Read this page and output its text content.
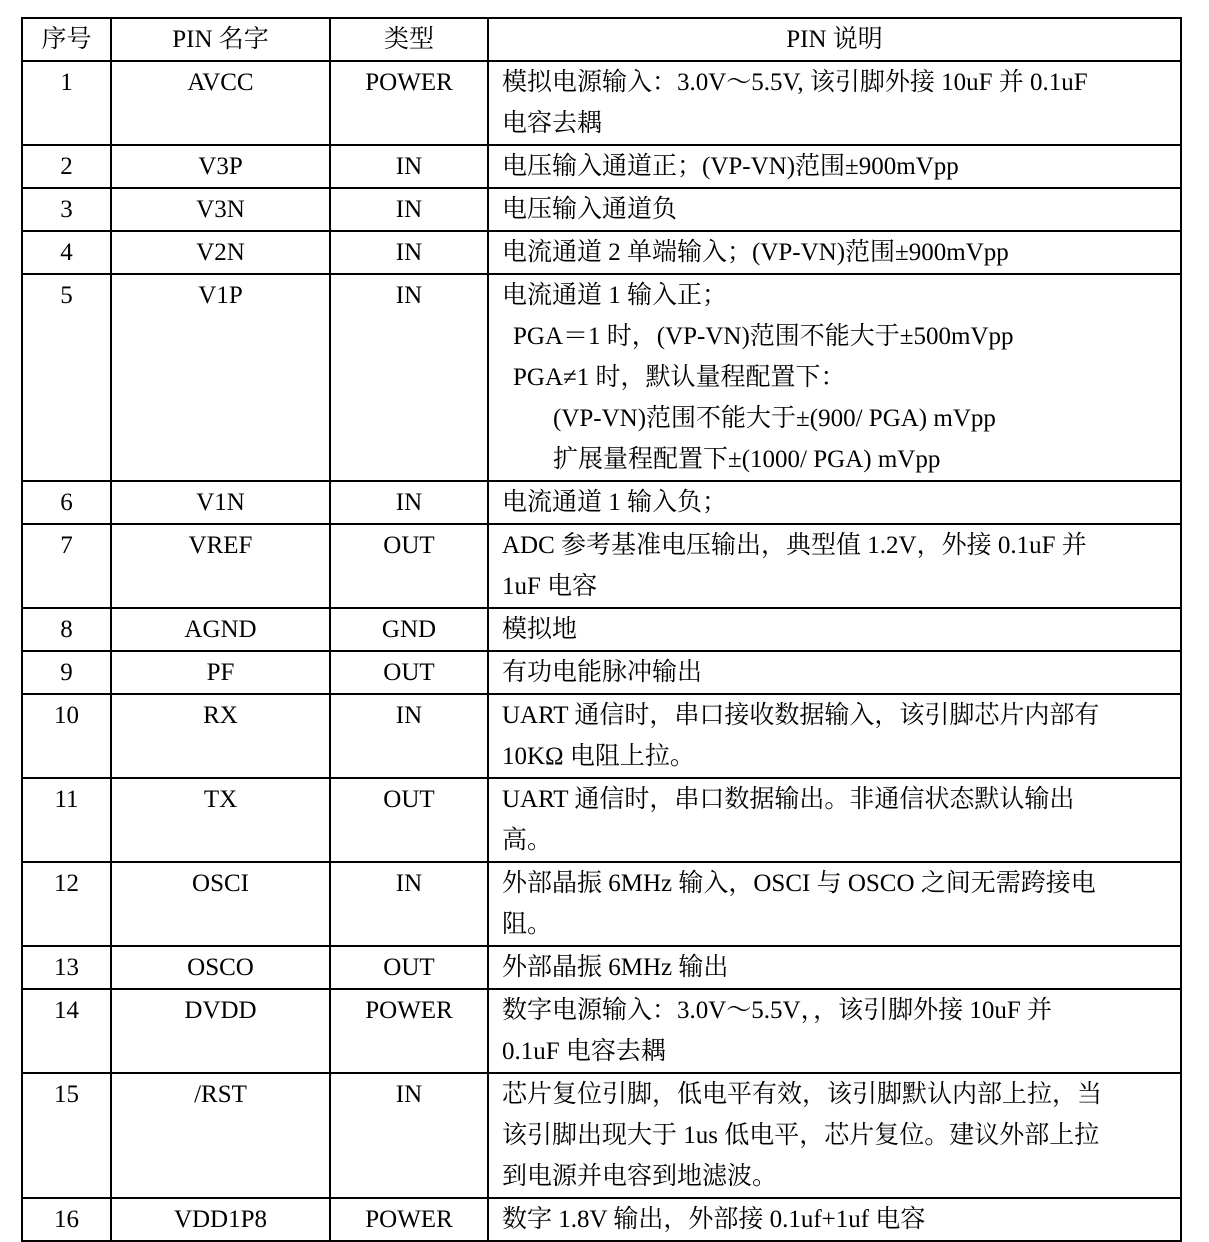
序号	PIN 名字	类型	PIN 说明
1	AVCC	POWER	模拟电源输入：3.0V～5.5V, 该引脚外接 10uF 并 0.1uF
电容去耦

2	V3P	IN	电压输入通道正；(VP-VN)范围±900mVpp

3	V3N	IN	电压输入通道负

4	V2N	IN	电流通道 2 单端输入；(VP-VN)范围±900mVpp

5	V1P	IN	电流通道 1 输入正；
PGA＝1 时，(VP-VN)范围不能大于±500mVpp
PGA≠1 时，默认量程配置下：
(VP-VN)范围不能大于±(900/ PGA) mVpp
扩展量程配置下±(1000/ PGA) mVpp

6	V1N	IN	电流通道 1 输入负；

7	VREF	OUT	ADC 参考基准电压输出，典型值 1.2V，外接 0.1uF 并
1uF 电容

8	AGND	GND	模拟地

9	PF	OUT	有功电能脉冲输出

10	RX	IN	UART 通信时，串口接收数据输入，该引脚芯片内部有
10KΩ 电阻上拉。

11	TX	OUT	UART 通信时，串口数据输出。非通信状态默认输出
高。

12	OSCI	IN	外部晶振 6MHz 输入，OSCI 与 OSCO 之间无需跨接电
阻。

13	OSCO	OUT	外部晶振 6MHz 输出

14	DVDD	POWER	数字电源输入：3.0V～5.5V，，该引脚外接 10uF 并
0.1uF 电容去耦

15	/RST	IN	芯片复位引脚，低电平有效，该引脚默认内部上拉，当
该引脚出现大于 1us 低电平，芯片复位。建议外部上拉
到电源并电容到地滤波。

16	VDD1P8	POWER	数字 1.8V 输出，外部接 0.1uf+1uf 电容
